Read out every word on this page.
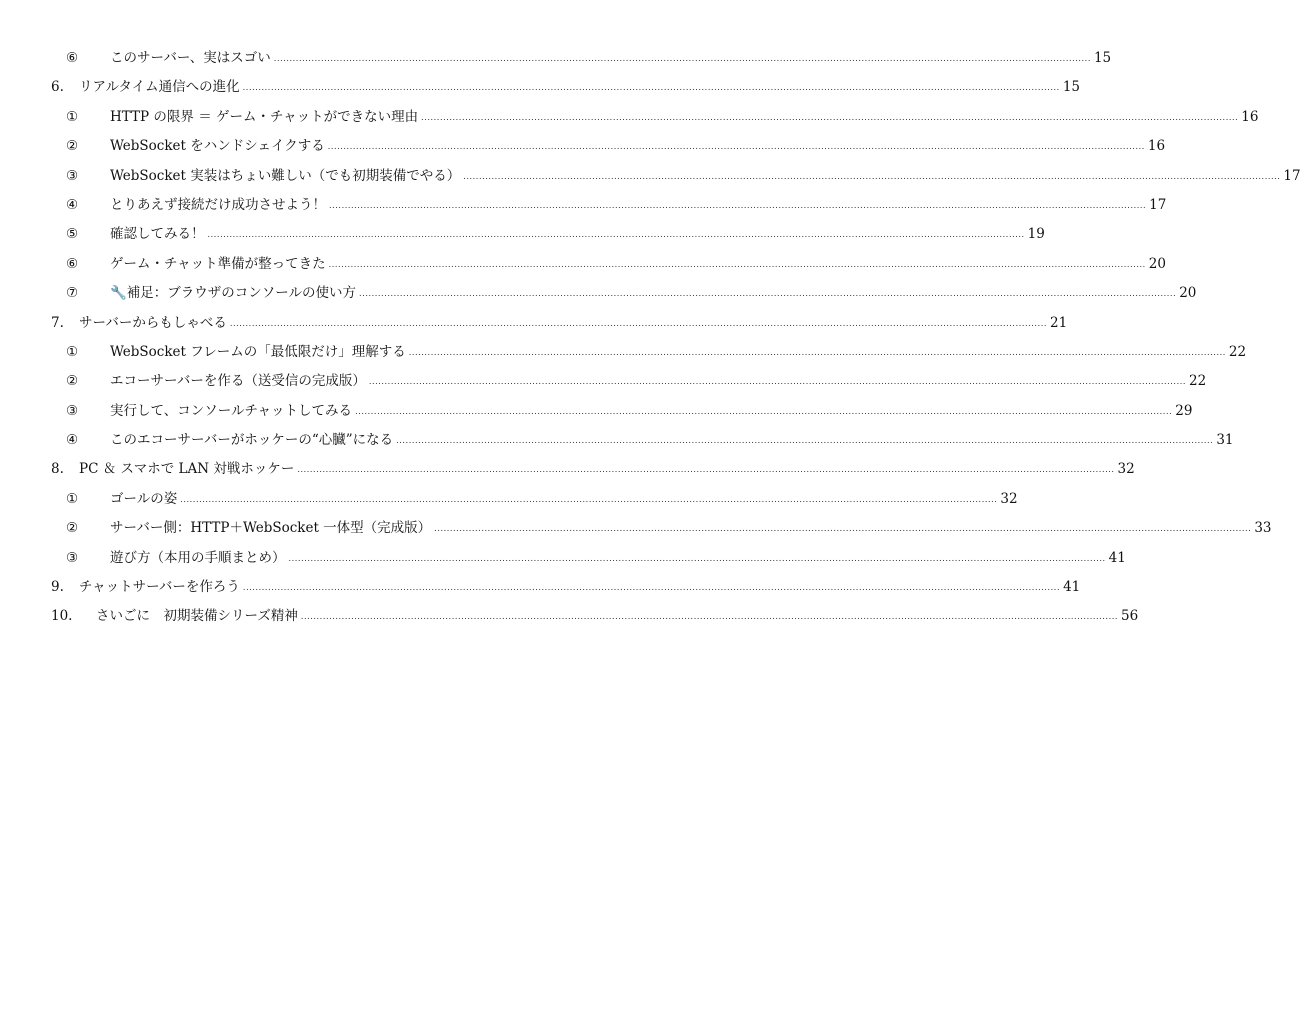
⑥ このサーバー、実はスゴい .................................................................................................................................................................................................................................................................... 15
6. リアルタイム通信への進化 .................................................................................................................................................................................................................................................................... 15
① HTTP の限界 ＝ ゲーム・チャットができない理由 .................................................................................................................................................................................................................................................................... 16
② WebSocket をハンドシェイクする .................................................................................................................................................................................................................................................................... 16
③ WebSocket 実装はちょい難しい（でも初期装備でやる） .................................................................................................................................................................................................................................................................... 17
④ とりあえず接続だけ成功させよう！ .................................................................................................................................................................................................................................................................... 17
⑤ 確認してみる！ .................................................................................................................................................................................................................................................................... 19
⑥ ゲーム・チャット準備が整ってきた .................................................................................................................................................................................................................................................................... 20
⑦ 🔧補足：ブラウザのコンソールの使い方 .................................................................................................................................................................................................................................................................... 20
7. サーバーからもしゃべる .................................................................................................................................................................................................................................................................... 21
① WebSocket フレームの「最低限だけ」理解する .................................................................................................................................................................................................................................................................... 22
② エコーサーバーを作る（送受信の完成版） .................................................................................................................................................................................................................................................................... 22
③ 実行して、コンソールチャットしてみる .................................................................................................................................................................................................................................................................... 29
④ このエコーサーバーがホッケーの“心臓”になる .................................................................................................................................................................................................................................................................... 31
8. PC ＆ スマホで LAN 対戦ホッケー .................................................................................................................................................................................................................................................................... 32
① ゴールの姿 .................................................................................................................................................................................................................................................................... 32
② サーバー側：HTTP＋WebSocket 一体型（完成版） .................................................................................................................................................................................................................................................................... 33
③ 遊び方（本用の手順まとめ） .................................................................................................................................................................................................................................................................... 41
9. チャットサーバーを作ろう .................................................................................................................................................................................................................................................................... 41
10. さいごに　初期装備シリーズ精神 .................................................................................................................................................................................................................................................................... 56
